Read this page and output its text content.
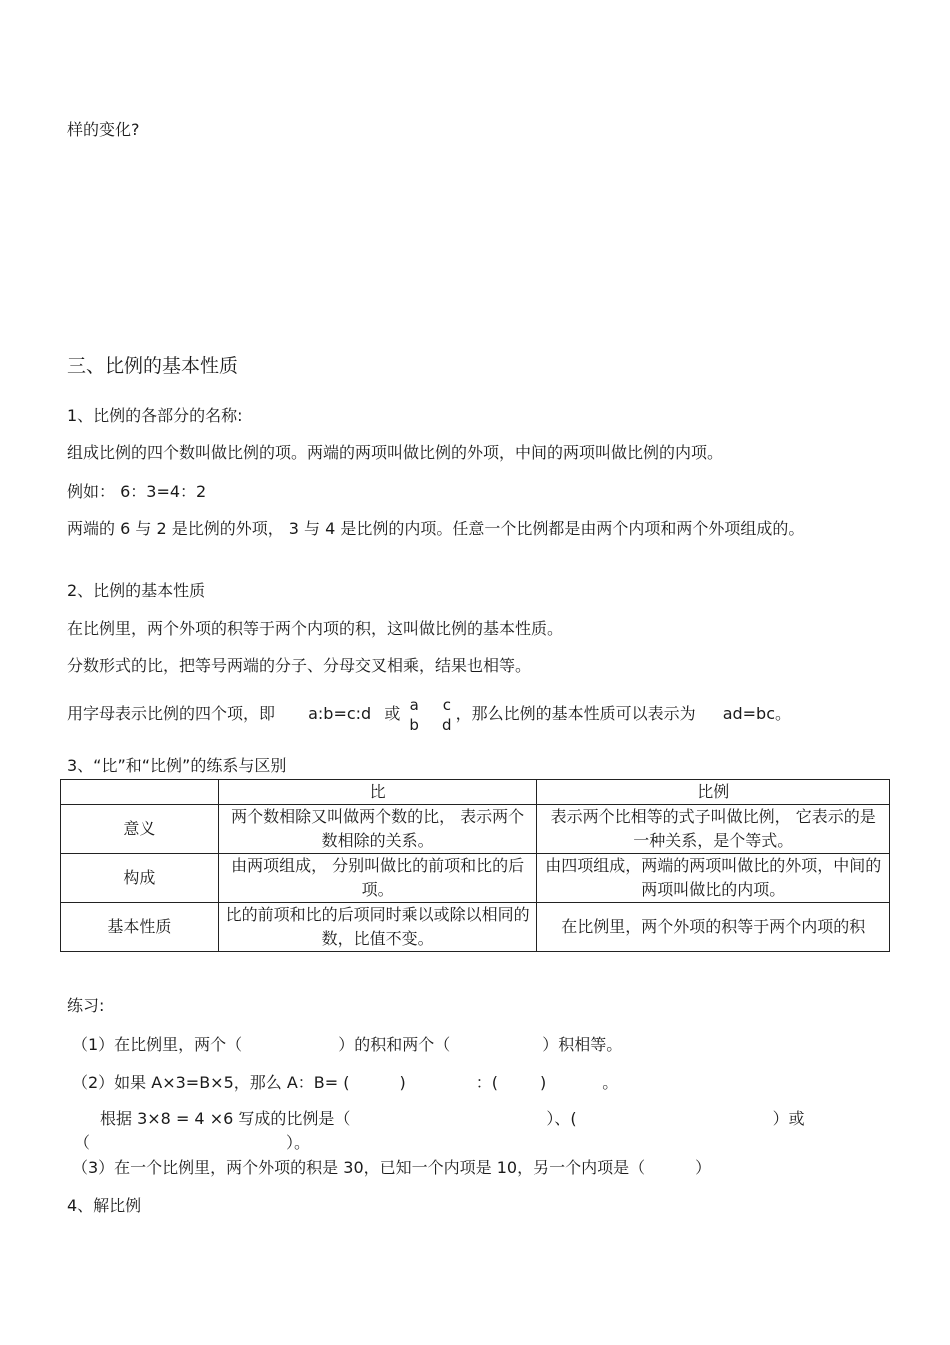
样的变化?
三、比例的基本性质
1、比例的各部分的名称:
组成比例的四个数叫做比例的项。两端的两项叫做比例的外项，中间的两项叫做比例的内项。
例如： 6：3=4：2
两端的 6 与 2 是比例的外项， 3 与 4 是比例的内项。任意一个比例都是由两个内项和两个外项组成的。
2、比例的基本性质
在比例里，两个外项的积等于两个内项的积，这叫做比例的基本性质。
分数形式的比，把等号两端的分子、分母交叉相乘，结果也相等。
用字母表示比例的四个项，即 a:b=c:d 或 a
b

c
d
，那么比例的基本性质可以表示为 ad=bc。
3、“比”和“比例”的练系与区别
	比	比例
意义	两个数相除又叫做两个数的比， 表示两个数相除的关系。	表示两个比相等的式子叫做比例， 它表示的是一种关系，是个等式。
构成	由两项组成， 分别叫做比的前项和比的后项。	由四项组成，两端的两项叫做比的外项，中间的两项叫做比的内项。
基本性质	比的前项和比的后项同时乘以或除以相同的数，比值不变。	在比例里，两个外项的积等于两个内项的积
练习:
（1）在比例里，两个（	）的积和两个（	）积相等。
（2）如果 A×3=B×5，那么 A：B= (	)	：(	)	。
根据 3×8 = 4 ×6 写成的比例是（	）、(	）或
（	）。
（3）在一个比例里，两个外项的积是 30，已知一个内项是 10，另一个内项是（	）
4、解比例
